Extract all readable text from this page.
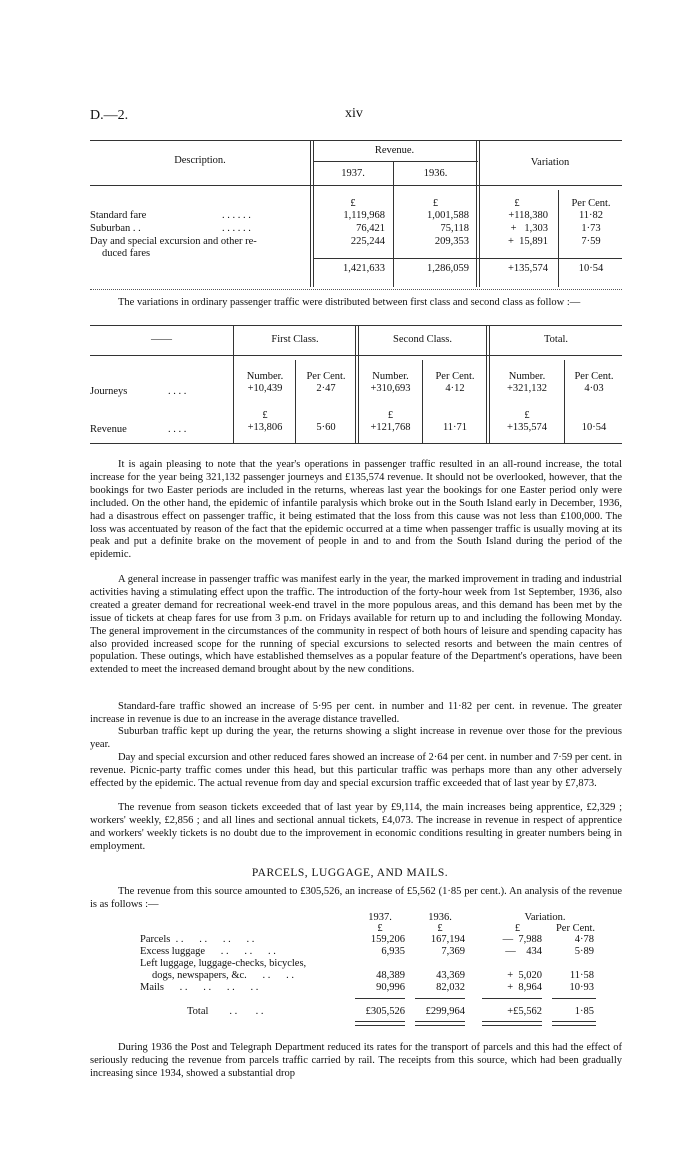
D.—2.	xiv
Description.
Revenue.
Variation
1937.	1936.
£	£	£	Per Cent.
Standard fare	. . . . . .	1,119,968	1,001,588	+118,380	11·82
Suburban . .	. . . . . .	76,421	75,118	+   1,303	1·73
Day and special excursion and other re-
duced fares
225,244	209,353	+  15,891	7·59
1,421,633	1,286,059	+135,574	10·54

The variations in ordinary passenger traffic were distributed between first class and second class as follow :—

——	First Class.	Second Class.	Total.
Number.	Per Cent.	Number.	Per Cent.	Number.	Per Cent.
Journeys	. . . .	+10,439	2·47	+310,693	4·12	+321,132	4·03
£	£	£
Revenue	. . . .	+13,806	5·60	+121,768	11·71	+135,574	10·54

It is again pleasing to note that the year's operations in passenger traffic resulted in an all-round increase, the total increase for the year being 321,132 passenger journeys and £135,574 revenue. It should not be overlooked, however, that the bookings for two Easter periods are included in the returns, whereas last year the bookings for one Easter period only were included. On the other hand, the epidemic of infantile paralysis which broke out in the South Island early in December, 1936, had a disastrous effect on passenger traffic, it being estimated that the loss from this cause was not less than £100,000. The loss was accentuated by reason of the fact that the epidemic occurred at a time when passenger traffic is usually moving at its peak and put a definite brake on the movement of people in and to and from the South Island during the period of the epidemic.

A general increase in passenger traffic was manifest early in the year, the marked improvement in trading and industrial activities having a stimulating effect upon the traffic. The introduction of the forty-hour week from 1st September, 1936, also created a greater demand for recreational week-end travel in the more populous areas, and this demand has been met by the issue of tickets at cheap fares for use from 3 p.m. on Fridays available for return up to and including the following Monday. The general improvement in the circumstances of the community in respect of both hours of leisure and spending capacity has also provided increased scope for the running of special excursions to selected resorts and between the main centres of population. These outings, which have established themselves as a popular feature of the Department's operations, have been extended to meet the increased demand brought about by the new conditions.

Standard-fare traffic showed an increase of 5·95 per cent. in number and 11·82 per cent. in revenue. The greater increase in revenue is due to an increase in the average distance travelled.

Suburban traffic kept up during the year, the returns showing a slight increase in revenue over those for the previous year.

Day and special excursion and other reduced fares showed an increase of 2·64 per cent. in number and 7·59 per cent. in revenue. Picnic-party traffic comes under this head, but this particular traffic was perhaps more than any other adversely effected by the epidemic. The actual revenue from day and special excursion traffic exceeded that of last year by £7,873.

The revenue from season tickets exceeded that of last year by £9,114, the main increases being apprentice, £2,329 ; workers' weekly, £2,856 ; and all lines and sectional annual tickets, £4,073. The increase in revenue in respect of apprentice and workers' weekly tickets is no doubt due to the improvement in economic conditions resulting in greater numbers being in employment.

PARCELS, LUGGAGE, AND MAILS.

The revenue from this source amounted to £305,526, an increase of £5,562 (1·85 per cent.). An analysis of the revenue is as follows :—

1937.	1936.	Variation.
£	£	£	Per Cent.
Parcels  . .      . .      . .      . .	159,206	167,194	—  7,988	4·78
Excess luggage      . .      . .      . .	6,935	7,369	—    434	5·89
Left luggage, luggage-checks, bicycles,
dogs, newspapers, &c.      . .      . .	48,389	43,369	+  5,020	11·58
Mails      . .      . .      . .      . .	90,996	82,032	+  8,964	10·93
Total        . .       . .	£305,526	£299,964	+£5,562	1·85

During 1936 the Post and Telegraph Department reduced its rates for the transport of parcels and this had the effect of seriously reducing the revenue from parcels traffic carried by rail. The receipts from this source, which had been gradually increasing since 1934, showed a substantial drop
